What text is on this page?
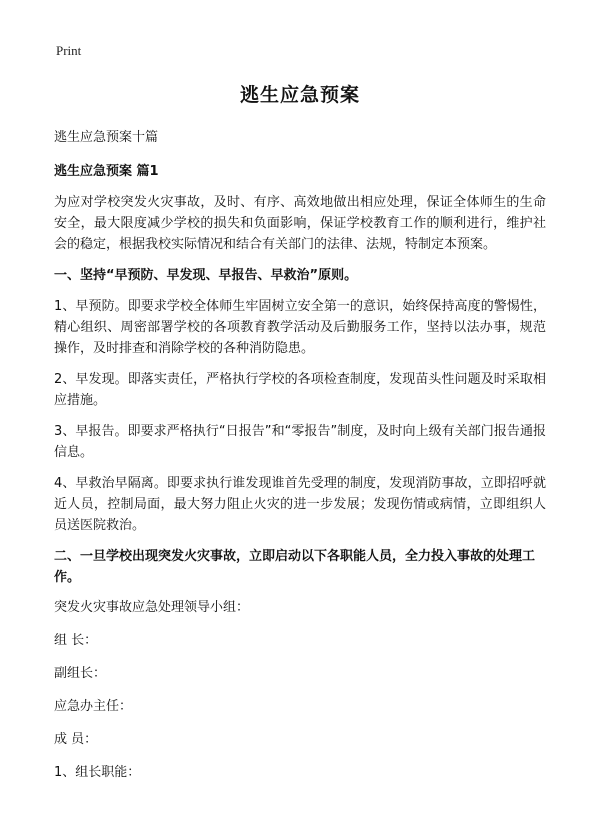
Print
逃生应急预案
逃生应急预案十篇
逃生应急预案 篇1

为应对学校突发火灾事故，及时、有序、高效地做出相应处理，保证全体师生的生命安全，最大限度减少学校的损失和负面影响，保证学校教育工作的顺利进行，维护社会的稳定，根据我校实际情况和结合有关部门的法律、法规，特制定本预案。

一、坚持“早预防、早发现、早报告、早救治”原则。

1、早预防。即要求学校全体师生牢固树立安全第一的意识，始终保持高度的警惕性，精心组织、周密部署学校的各项教育教学活动及后勤服务工作，坚持以法办事，规范操作，及时排查和消除学校的各种消防隐患。

2、早发现。即落实责任，严格执行学校的各项检查制度，发现苗头性问题及时采取相应措施。

3、早报告。即要求严格执行“日报告”和“零报告”制度，及时向上级有关部门报告通报信息。

4、早救治早隔离。即要求执行谁发现谁首先受理的制度，发现消防事故，立即招呼就近人员，控制局面，最大努力阻止火灾的进一步发展；发现伤情或病情，立即组织人员送医院救治。

二、一旦学校出现突发火灾事故，立即启动以下各职能人员，全力投入事故的处理工作。

突发火灾事故应急处理领导小组：
组 长：
副组长：
应急办主任：
成 员：
1、组长职能：
